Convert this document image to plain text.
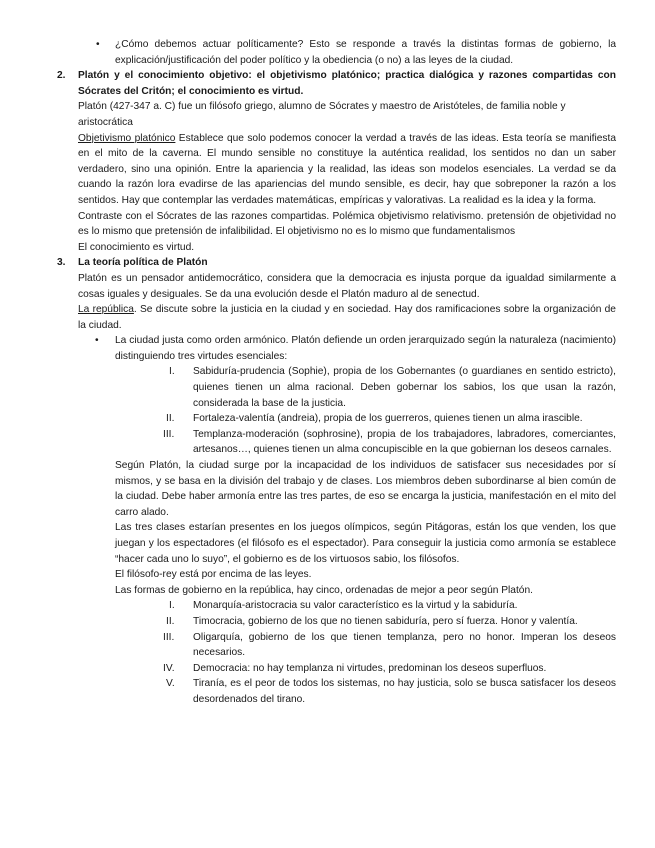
• ¿Cómo debemos actuar políticamente? Esto se responde a través la distintas formas de gobierno, la explicación/justificación del poder político y la obediencia (o no) a las leyes de la ciudad.
2. Platón y el conocimiento objetivo: el objetivismo platónico; practica dialógica y razones compartidas con Sócrates del Critón; el conocimiento es virtud.
Platón (427-347 a. C) fue un filósofo griego, alumno de Sócrates y maestro de Aristóteles, de familia noble y aristocrática
Objetivismo platónico Establece que solo podemos conocer la verdad a través de las ideas. Esta teoría se manifiesta en el mito de la caverna. El mundo sensible no constituye la auténtica realidad, los sentidos no dan un saber verdadero, sino una opinión. Entre la apariencia y la realidad, las ideas son modelos esenciales. La verdad se da cuando la razón lora evadirse de las apariencias del mundo sensible, es decir, hay que sobreponer la razón a los sentidos. Hay que contemplar las verdades matemáticas, empíricas y valorativas. La realidad es la idea y la forma.
Contraste con el Sócrates de las razones compartidas. Polémica objetivismo relativismo. pretensión de objetividad no es lo mismo que pretensión de infalibilidad. El objetivismo no es lo mismo que fundamentalismos
El conocimiento es virtud.
3. La teoría política de Platón
Platón es un pensador antidemocrático, considera que la democracia es injusta porque da igualdad similarmente a cosas iguales y desiguales. Se da una evolución desde el Platón maduro al de senectud.
La república. Se discute sobre la justicia en la ciudad y en sociedad. Hay dos ramificaciones sobre la organización de la ciudad.
• La ciudad justa como orden armónico. Platón defiende un orden jerarquizado según la naturaleza (nacimiento) distinguiendo tres virtudes esenciales:
I. Sabiduría-prudencia (Sophie), propia de los Gobernantes (o guardianes en sentido estricto), quienes tienen un alma racional. Deben gobernar los sabios, los que usan la razón, considerada la base de la justicia.
II. Fortaleza-valentía (andreia), propia de los guerreros, quienes tienen un alma irascible.
III. Templanza-moderación (sophrosine), propia de los trabajadores, labradores, comerciantes, artesanos…, quienes tienen un alma concupiscible en la que gobiernan los deseos carnales.
Según Platón, la ciudad surge por la incapacidad de los individuos de satisfacer sus necesidades por sí mismos, y se basa en la división del trabajo y de clases. Los miembros deben subordinarse al bien común de la ciudad. Debe haber armonía entre las tres partes, de eso se encarga la justicia, manifestación en el mito del carro alado.
Las tres clases estarían presentes en los juegos olímpicos, según Pitágoras, están los que venden, los que juegan y los espectadores (el filósofo es el espectador). Para conseguir la justicia como armonía se establece “hacer cada uno lo suyo”, el gobierno es de los virtuosos sabio, los filósofos.
El filósofo-rey está por encima de las leyes.
Las formas de gobierno en la república, hay cinco, ordenadas de mejor a peor según Platón.
I. Monarquía-aristocracia su valor característico es la virtud y la sabiduría.
II. Timocracia, gobierno de los que no tienen sabiduría, pero sí fuerza. Honor y valentía.
III. Oligarquía, gobierno de los que tienen templanza, pero no honor. Imperan los deseos necesarios.
IV. Democracia: no hay templanza ni virtudes, predominan los deseos superfluos.
V. Tiranía, es el peor de todos los sistemas, no hay justicia, solo se busca satisfacer los deseos desordenados del tirano.
